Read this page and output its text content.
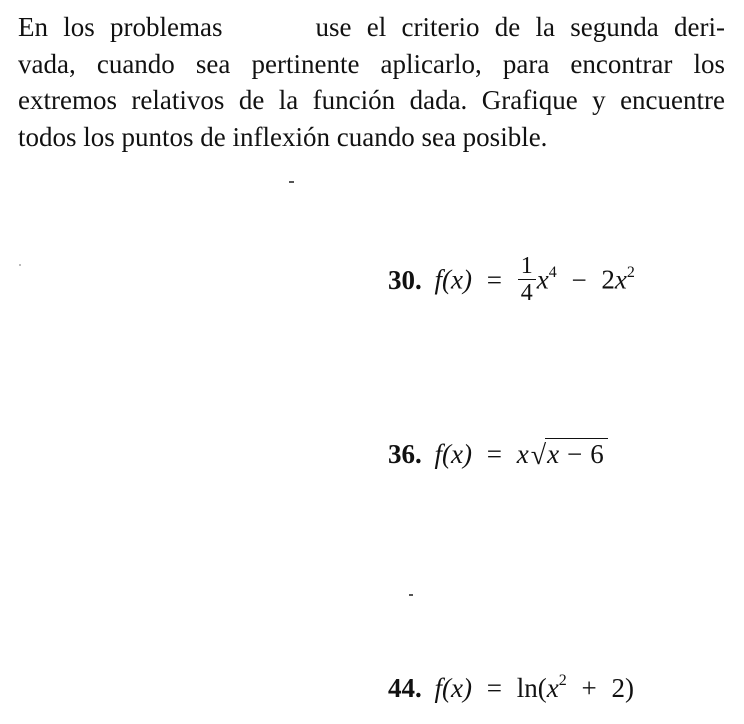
En los problemas	use el criterio de la segunda deri-
vada, cuando sea pertinente aplicarlo, para encontrar los
extremos relativos de la función dada. Grafique y encuentre
todos los puntos de inflexión cuando sea posible.
30. $f(x) = \frac{1}{4} x^4 - 2x^2$
36. f(x) = x√x − 6
44. $f(x) = \ln(x^2 + 2)$
